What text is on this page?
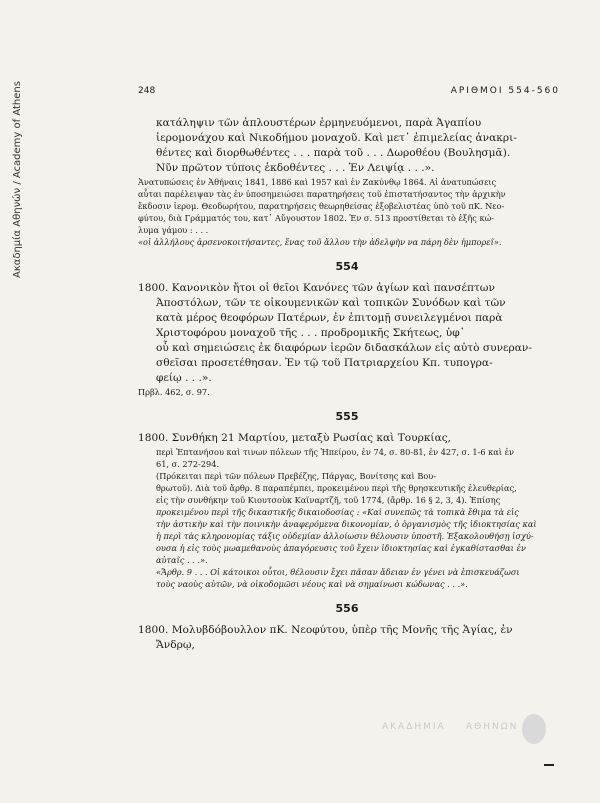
Ακαδημία Αθηνών / Academy of Athens	248	ΑΡΙΘΜΟΙ 554-560
κατάληψιν τῶν ἁπλουστέρων ἑρμηνευόμενοι, παρὰ Ἀγαπίου
ἱερομονάχου καὶ Νικοδήμου μοναχοῦ. Καὶ μετ᾽ ἐπιμελείας ἀνακρι-
θέντες καὶ διορθωθέντες . . . παρὰ τοῦ . . . Δωροθέου (Βουλησμᾶ).
Νῦν πρῶτον τύποις ἐκδοθέντες . . . Ἐν Λειψίᾳ . . .».
Ἀνατυπώσεις ἐν Ἀθήναις 1841, 1886 καὶ 1957 καὶ ἐν Ζακύνθῳ 1864. Αἱ ἀνατυπώσεις
αὗται παρέλειψαν τὰς ἐν ὑποσημειώσει παρατηρήσεις τοῦ ἐπιστατήσαντος τὴν ἀρχικὴν
ἔκδοσιν ἱερομ. Θεοδωρήτου, παρατηρήσεις θεωρηθείσας ἐξοβελιστέας ὑπὸ τοῦ πΚ. Νεο-
φύτου, διὰ Γράμματός του, κατ᾽ Αὔγουστον 1802. Ἐν σ. 513 προστίθεται τὸ ἑξῆς κώ-
λυμα γάμου : . . .
«οἱ ἀλλήλους ἀρσενοκοιτήσαντες, ἕνας τοῦ ἄλλου τὴν ἀδελφὴν να πάρη δὲν ἠμπορεῖ».
554
1800. Κανονικὸν ἤτοι οἱ θεῖοι Κανόνες τῶν ἁγίων καὶ πανσέπτων
Ἀποστόλων, τῶν τε οἰκουμενικῶν καὶ τοπικῶν Συνόδων καὶ τῶν
κατὰ μέρος θεοφόρων Πατέρων, ἐν ἐπιτομῇ συνειλεγμένοι παρὰ
Χριστοφόρου μοναχοῦ τῆς . . . προδρομικῆς Σκήτεως, ὑφ᾽
οὗ καὶ σημειώσεις ἐκ διαφόρων ἱερῶν διδασκάλων εἰς αὐτὸ συνεραν-
σθεῖσαι προσετέθησαν. Ἐν τῷ τοῦ Πατριαρχείου Κπ. τυπογρα-
φείῳ . . .».
Πρβλ. 462, σ. 97.
555
1800. Συνθήκη 21 Μαρτίου, μεταξὺ Ρωσίας καὶ Τουρκίας,
περὶ Ἑπτανήσου καὶ τινων πόλεων τῆς Ἠπείρου, ἐν 74, σ. 80-81, ἐν 427, σ. 1-6 καὶ ἐν
61, σ. 272-294.
(Πρόκειται περὶ τῶν πόλεων Πρεβέζης, Πάργας, Βονίτσης καὶ Βου-
θρωτοῦ). Διὰ τοῦ ἄρθρ. 8 παραπέμπει, προκειμένου περὶ τῆς θρησκευτικῆς ἐλευθερίας,
εἰς τὴν συνθήκην τοῦ Κιουτσοὺκ Καϊναρτζῆ, τοῦ 1774, (ἄρθρ. 16 § 2, 3, 4). Ἐπίσης
προκειμένου περὶ τῆς δικαστικῆς δικαιοδοσίας : «Καὶ συνεπῶς τὰ τοπικὰ ἔθιμα τὰ εἰς
τὴν ἀστικὴν καὶ τὴν ποινικὴν ἀναφερόμενα δικονομίαν, ὁ ὀργανισμὸς τῆς ἰδιοκτησίας καὶ
ἡ περὶ τὰς κληρονομίας τάξις οὐδεμίαν ἀλλοίωσιν θέλουσιν ὑποστῆ. Ἐξακολουθήσῃ ἰσχύ-
ουσα ἡ εἰς τοὺς μωαμεθανοὺς ἀπαγόρευσις τοῦ ἔχειν ἰδιοκτησίας καὶ ἐγκαθίστασθαι ἐν
αὐταῖς . . .».
«Ἄρθρ. 9 . . . Οἱ κάτοικοι οὗτοι, θέλουσιν ἔχει πᾶσαν ἄδειαν ἐν γένει νὰ ἐπισκευάζωσι
τοὺς ναοὺς αὐτῶν, νὰ οἰκοδομῶσι νέους καὶ νὰ σημαίνωσι κώδωνας . . .».
556
1800. Μολυβδόβουλλον πΚ. Νεοφύτου, ὑπὲρ τῆς Μονῆς τῆς Ἁγίας, ἐν
Ἄνδρῳ,
ΑΚΑΔΗΜΙΑ ΑΘΗΝΩΝ
